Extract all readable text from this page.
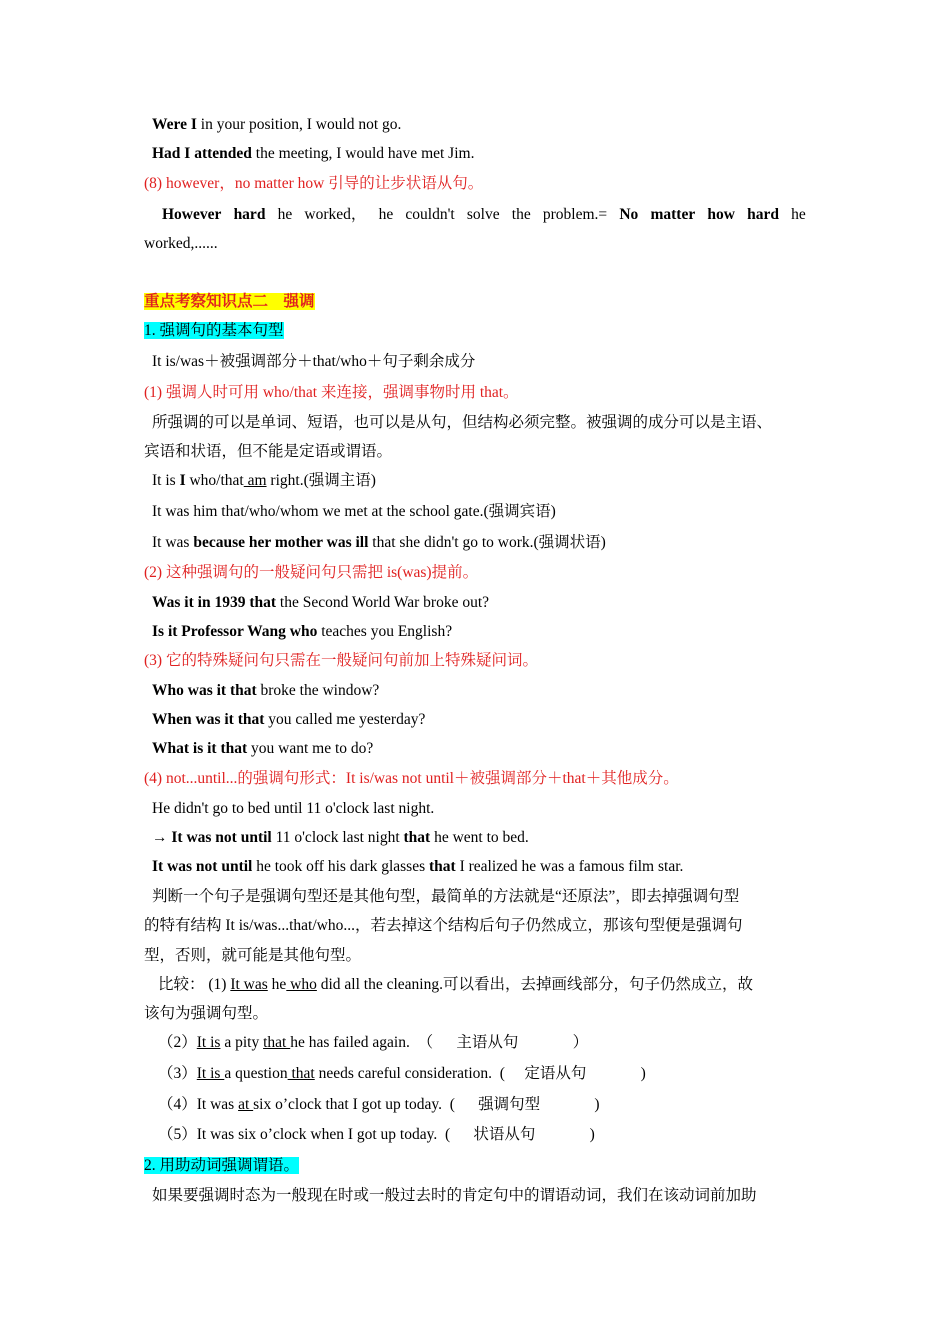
Were I in your position, I would not go.
Had I attended the meeting, I would have met Jim.
(8) however，no matter how 引导的让步状语从句。
However hard he worked， he couldn't solve the problem.= No matter how hard he
worked,......
重点考察知识点二　强调
1. 强调句的基本句型
It is/was＋被强调部分＋that/who＋句子剩余成分
(1) 强调人时可用 who/that 来连接，强调事物时用 that。
所强调的可以是单词、短语，也可以是从句，但结构必须完整。被强调的成分可以是主语、
宾语和状语，但不能是定语或谓语。
It is I who/that am right.(强调主语)
It was him that/who/whom we met at the school gate.(强调宾语)
It was because her mother was ill that she didn't go to work.(强调状语)
(2) 这种强调句的一般疑问句只需把 is(was)提前。
Was it in 1939 that the Second World War broke out?
Is it Professor Wang who teaches you English?
(3) 它的特殊疑问句只需在一般疑问句前加上特殊疑问词。
Who was it that broke the window?
When was it that you called me yesterday?
What is it that you want me to do?
(4) not...until...的强调句形式：It is/was not until＋被强调部分＋that＋其他成分。
He didn't go to bed until 11 o'clock last night.
→ It was not until 11 o'clock last night that he went to bed.
It was not until he took off his dark glasses that I realized he was a famous film star.
判断一个句子是强调句型还是其他句型，最简单的方法就是“还原法”，即去掉强调句型
的特有结构 It is/was...that/who...，若去掉这个结构后句子仍然成立，那该句型便是强调句
型，否则，就可能是其他句型。
比较： (1) It was he who did all the cleaning.可以看出，去掉画线部分，句子仍然成立，故
该句为强调句型。
（2）It is a pity that he has failed again.  （      主语从句              ）
（3）It is a question that needs careful consideration.  (     定语从句              )
（4）It was at six o’clock that I got up today.  (      强调句型              )
（5）It was six o’clock when I got up today.  (      状语从句              )
2. 用助动词强调谓语。
如果要强调时态为一般现在时或一般过去时的肯定句中的谓语动词，我们在该动词前加助
